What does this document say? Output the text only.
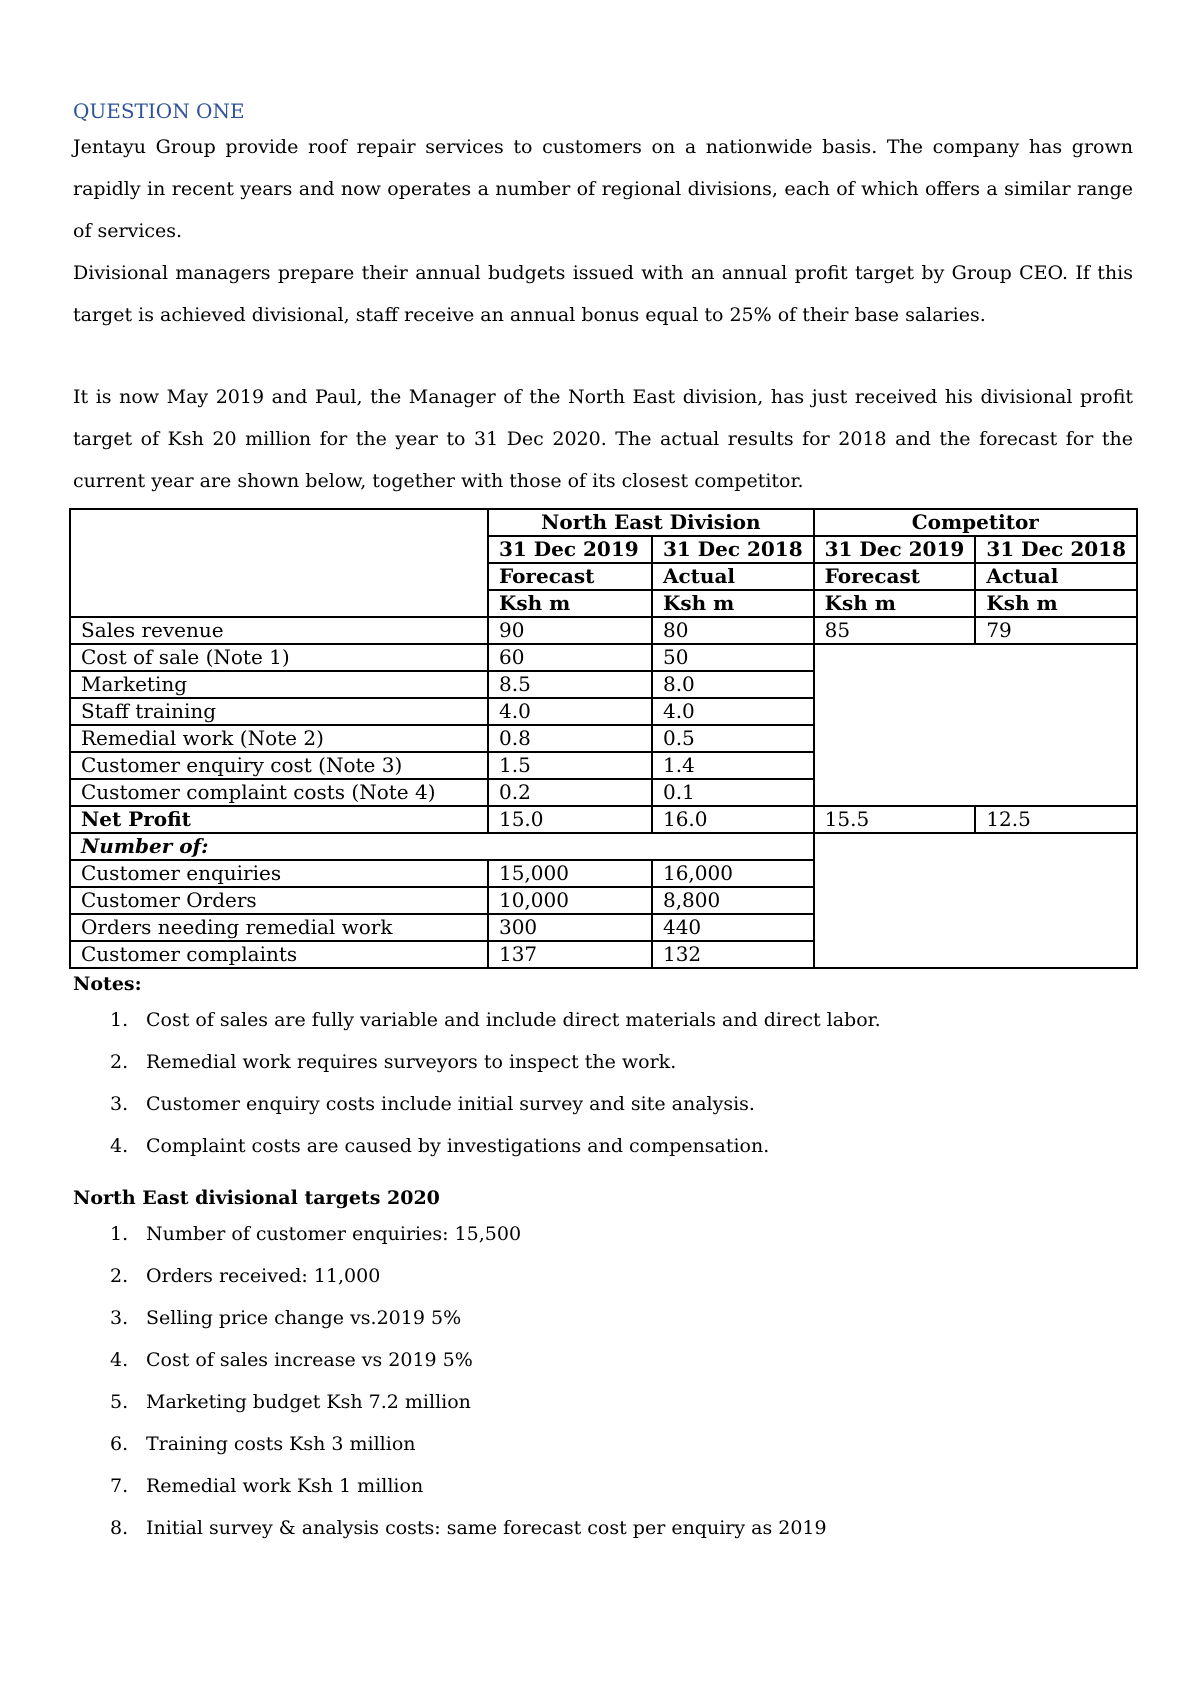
QUESTION ONE

Jentayu Group provide roof repair services to customers on a nationwide basis. The company has grown rapidly in recent years and now operates a number of regional divisions, each of which offers a similar range of services.

Divisional managers prepare their annual budgets issued with an annual profit target by Group CEO. If this target is achieved divisional, staff receive an annual bonus equal to 25% of their base salaries.

It is now May 2019 and Paul, the Manager of the North East division, has just received his divisional profit target of Ksh 20 million for the year to 31 Dec 2020. The actual results for 2018 and the forecast for the current year are shown below, together with those of its closest competitor.

	North East Division		Competitor	
	31 Dec 2019	31 Dec 2018	31 Dec 2019	31 Dec 2018
	Forecast	Actual	Forecast	Actual
	Ksh m	Ksh m	Ksh m	Ksh m
Sales revenue	90	80	85	79
Cost of sale (Note 1)	60	50		
Marketing	8.5	8.0		
Staff training	4.0	4.0		
Remedial work (Note 2)	0.8	0.5		
Customer enquiry cost (Note 3)	1.5	1.4		
Customer complaint costs (Note 4)	0.2	0.1		
Net Profit	15.0	16.0	15.5	12.5
Number of:				
Customer enquiries	15,000	16,000		
Customer Orders	10,000	8,800		
Orders needing remedial work	300	440		
Customer complaints	137	132		

Notes:

1. Cost of sales are fully variable and include direct materials and direct labor.
2. Remedial work requires surveyors to inspect the work.
3. Customer enquiry costs include initial survey and site analysis.
4. Complaint costs are caused by investigations and compensation.

North East divisional targets 2020

1. Number of customer enquiries: 15,500
2. Orders received: 11,000
3. Selling price change vs.2019 5%
4. Cost of sales increase vs 2019 5%
5. Marketing budget Ksh 7.2 million
6. Training costs Ksh 3 million
7. Remedial work Ksh 1 million
8. Initial survey & analysis costs: same forecast cost per enquiry as 2019
